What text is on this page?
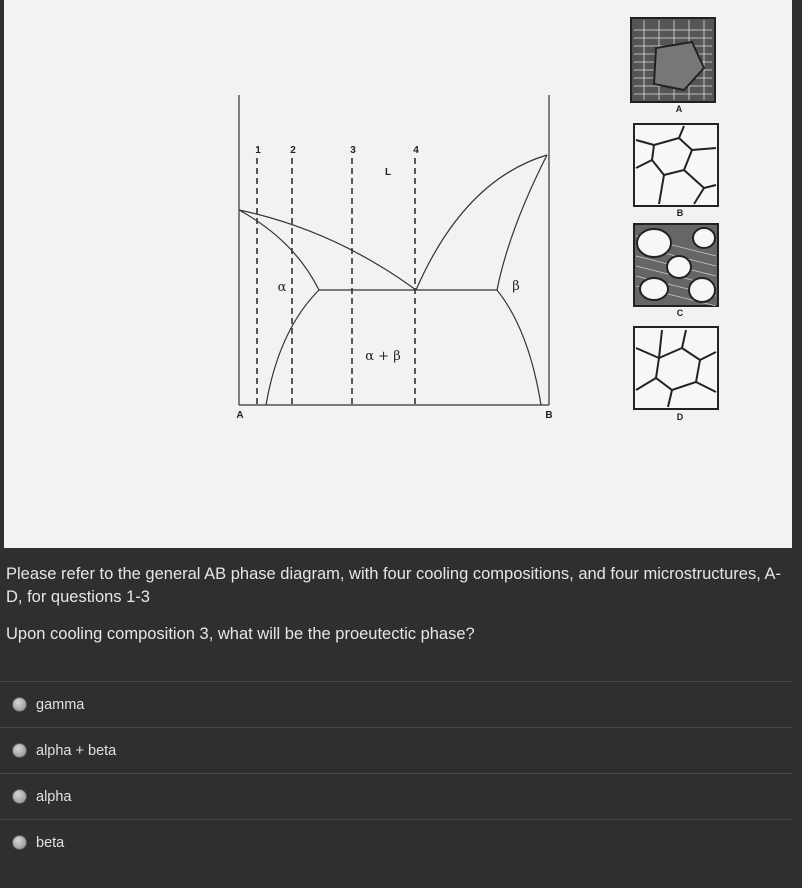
1	2	3	4
L
A	B
α	β
α + β
A
B
C
D

Please refer to the general AB phase diagram, with four cooling compositions, and four microstructures, A-D, for questions 1-3

Upon cooling composition 3, what will be the proeutectic phase?

gamma
alpha + beta
alpha
beta
